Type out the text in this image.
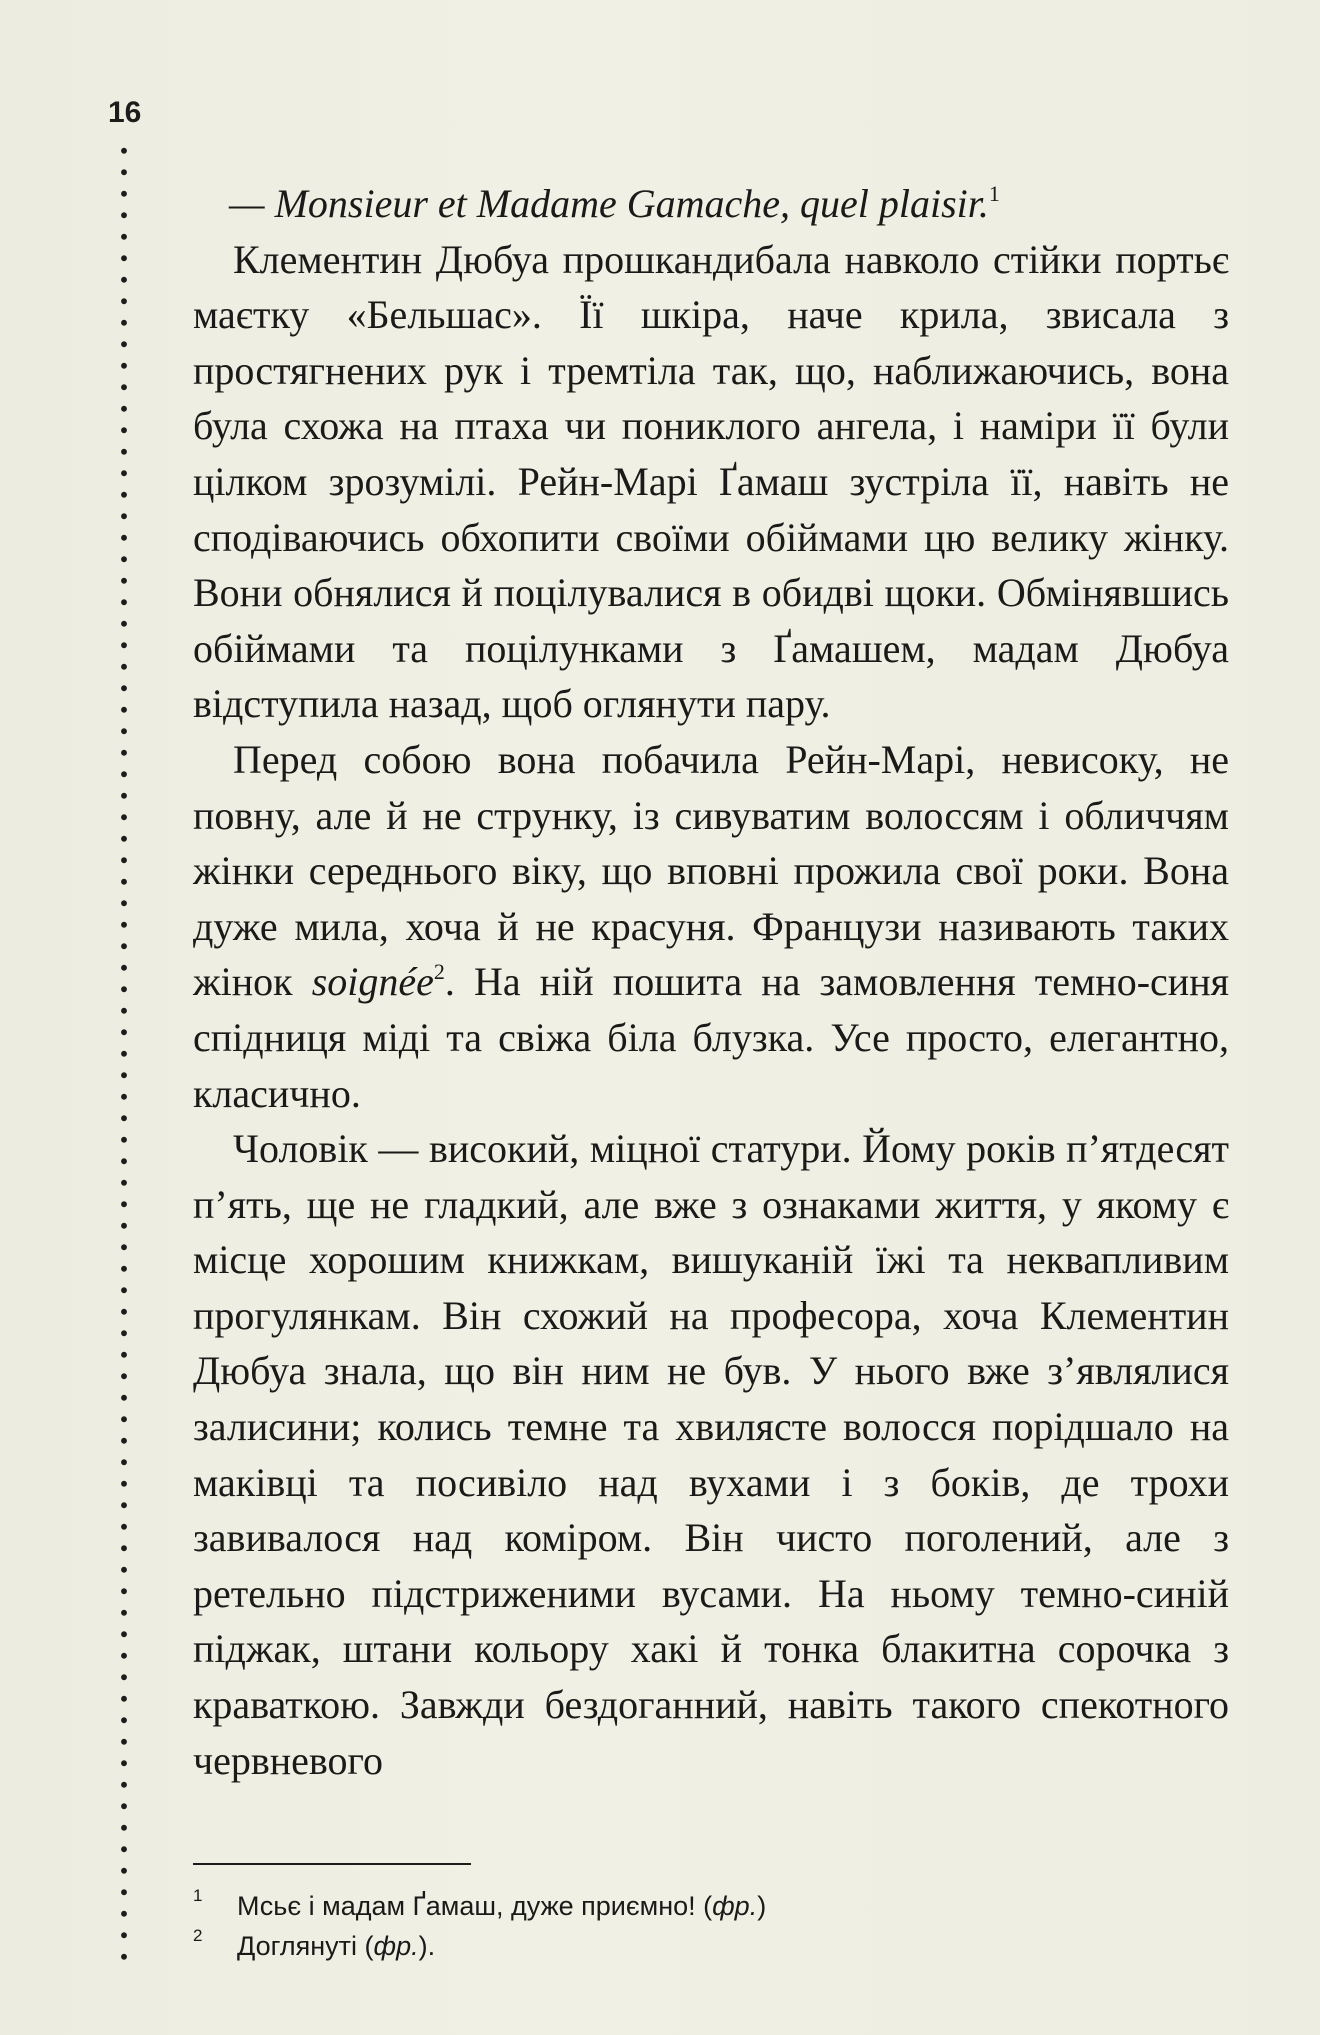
16

— Monsieur et Madame Gamache, quel plaisir.$^1$

Клементин Дюбуа прошкандибала навколо стійки портьє маєтку «Бельшас». Її шкіра, наче крила, звисала з простягнених рук і тремтіла так, що, наближаючись, вона була схожа на птаха чи пониклого ангела, і наміри її були цілком зрозумілі. Рейн-Марі Ґамаш зустріла її, навіть не сподіваючись обхопити своїми обіймами цю велику жінку. Вони обнялися й поцілувалися в обидві щоки. Обмінявшись обіймами та поцілунками з Ґамашем, мадам Дюбуа відступила назад, щоб оглянути пару.

Перед собою вона побачила Рейн-Марі, невисоку, не повну, але й не струнку, із сивуватим волоссям і обличчям жінки середнього віку, що вповні прожила свої роки. Вона дуже мила, хоча й не красуня. Французи називають таких жінок soignée$^2$. На ній пошита на замовлення темно-синя спідниця міді та свіжа біла блузка. Усе просто, елегантно, класично.

Чоловік — високий, міцної статури. Йому років п’ятдесят п’ять, ще не гладкий, але вже з ознаками життя, у якому є місце хорошим книжкам, вишуканій їжі та неквапливим прогулянкам. Він схожий на професора, хоча Клементин Дюбуа знала, що він ним не був. У нього вже з’являлися залисини; колись темне та хвилясте волосся порідшало на маківці та посивіло над вухами і з боків, де трохи завивалося над коміром. Він чисто поголений, але з ретельно підстриженими вусами. На ньому темно-синій піджак, штани кольору хакі й тонка блакитна сорочка з краваткою. Завжди бездоганний, навіть такого спекотного червневого

1	Мсьє і мадам Ґамаш, дуже приємно! (фр.)
2	Доглянуті (фр.).
